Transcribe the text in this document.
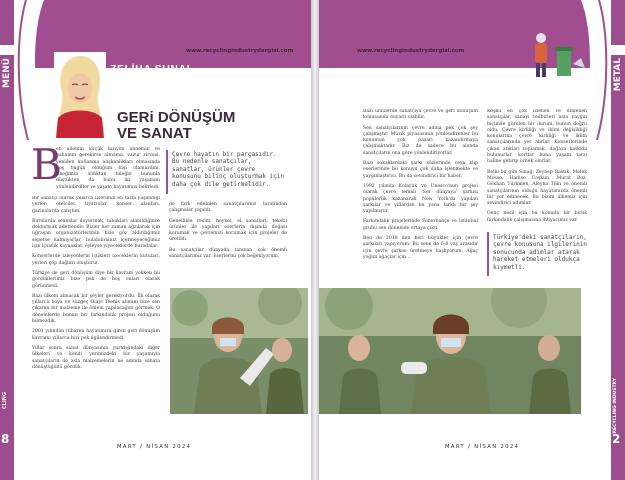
MENÜ
CLING
8
www.recyclingindustrydergisi.com
ZELİHA SUNAL
Sanatçı
GERi DÖNÜŞÜM
VE SANAT
B

en ailemin küçük kızıyım annemin ve babamın gerekirse almama, vazur zirvesi, yeniden kullanma alışkanlıkları olmasında hoş bugün olduğum kişi olamazdım. Ebeğimin aldıktan bileğin bununla düştükten da bunu iki yaşamını yönlendirdiler ve yaşam bayatımızı belirledi.

Bir sanatçı olarak yıllarca izlerimin en fazla yaşandığı yerler: otelciler, tiyatrolar, konser alanları, gazinolarda çalıştım.

Buralarda seanslar doyurmak, tabakları alabildiğince doldurmak adettendir. Bizler her zaman ağzılarak için uğraşan organizatörlerimin bize göz aldırdığımız sepetse kalmıyorlar, bulabilirsiniz içermeyeceğimiz için içsizlik kaynaklar, öyleyse yiyeceklerde buradalar.

Konserlerde izleyenlerin içtikleri içeceklerin kutuları, yerleri çöp dağları oluşturur.

Türkiye de geri dönüşüm diye bir kavram yokken bu gördüklerimiz bize pek de hoş onları olarak görünmedi.

Bazı ülkem almacak bir şeyler gerekiyordu. İlk olarak yıllarca boya ve süzgeç Olayı Teenis alımını bize sen çıkaran bir malzeme ile önlem yapılacağını görmek. O dönemlerde bunun bir farkındalık projesi olduğunu bilmezdik.

2001 yılından itibaren hayatımıza giren geri dönüşüm kavramı yıllarca bizi pek ilgilendirmedi.

Yıllar sonra sanat dünyasının yurtdışındaki diğer ülkeleri ve kendi yerimizdeki bir yaşamıyla sanatçıların de asla malzemelerin ne adında sanata dönüştüğünü gördük.

Çevre hayatın bir parçasıdır. Bu nedenle sanatçılar, sanatlar, ürünler çevre konusunu bilinç oluşturmak için daha çok dile getirmelidir.

de fark edebilen sanatçılarımız tarafından çalışmalar yapıldı.

Genellikle resim, heykel, el sanatları, tekstil ürünler ile yapıları eserlerin dışında doğası korumak ve çevremizi korumak için projeler de üretildi.

Bu sanatçılar dünyada tanınan çok önemli sanatçılarımız var. Eserlerini çok beğeniyorum.

MART / NİSAN 2024
www.recyclingindustrydergisi.com

Bazı ünlülerde sanatçıya çevre ve geri dönüşüm konusunda duyarlı olabilir.

Sen sanatçılarının çevre adına pek çok şey çalışmıştır. Müzik piyasasının yönlendirenler bu konumun çok pazarı kazandırmaya çalışmaktadır. Biz de sadece bu alanda sanatçıların ona göre yönlendiriyorlar.

Bazı sokaklardaki şarkı sözlerinde veya klip eserlerinde bu konuyu çok daha işlenmekte ve yaygınlaştırıcı. Bu da sevindirici bir haber.

1992 yılında Kolaylık ve Unesco'nun projesi olarak çevre temalı 'Ser dünyaya' şarkısı popülerlik kazanarak New York'da yapılan şarkılar ve yıllardan bu yana farklı bir şey yapılmıştır.

Farkındalık projelerinde Fenerbahçe ve İstanbul grubu sen dönemde ortaya çıktı.

Ben de 2018 den beri büyükler için çevre şarkıları yapıyorum. Bu sene de 6-8 yaş arasıdır için çevre şarkısı üretmeye başlıyorum. Ağaç yoğun ağaçlar için...

Koşku en çok izlenen ve dinlenen sanatçılar, sanayi tedbirleri asla yaygın biçimde görülen bir durum, bunun doğru oldu. Çevre kirliliği ve iklim değişikliği konularına çevre kirliliği ve iklim sanatçılarında yer alırlar. Konserlerinde çıkan atıkları toplamak, doğaya katkıda bulunurlar, kortlar buna yaşam tarzı haline getirip örnek olurlar.

Belki bu gün Sinağ, Zeynep Bastık, Melek Mosso, Hadise Coşkun, Murat Boz, Gökhan Türkmen, Aleyna Tilki ve önemli sanatçılarının olduğu hayatımızda önemli bir yer edinecek. Bu bizim ülkemiz için sevindirici adımlar.

Genç nesil için bu konuda bir birlik farkındalık çalışmasına ihtiyacımız var.

Türkiye'deki sanatçıların, çevre konusuna ilgilerinin sonucunda adımlar atarak hareket etmeleri oldukça kıymetli.
MART / NİSAN 2024
METAL
RECYCLING INDUSTRY
2
